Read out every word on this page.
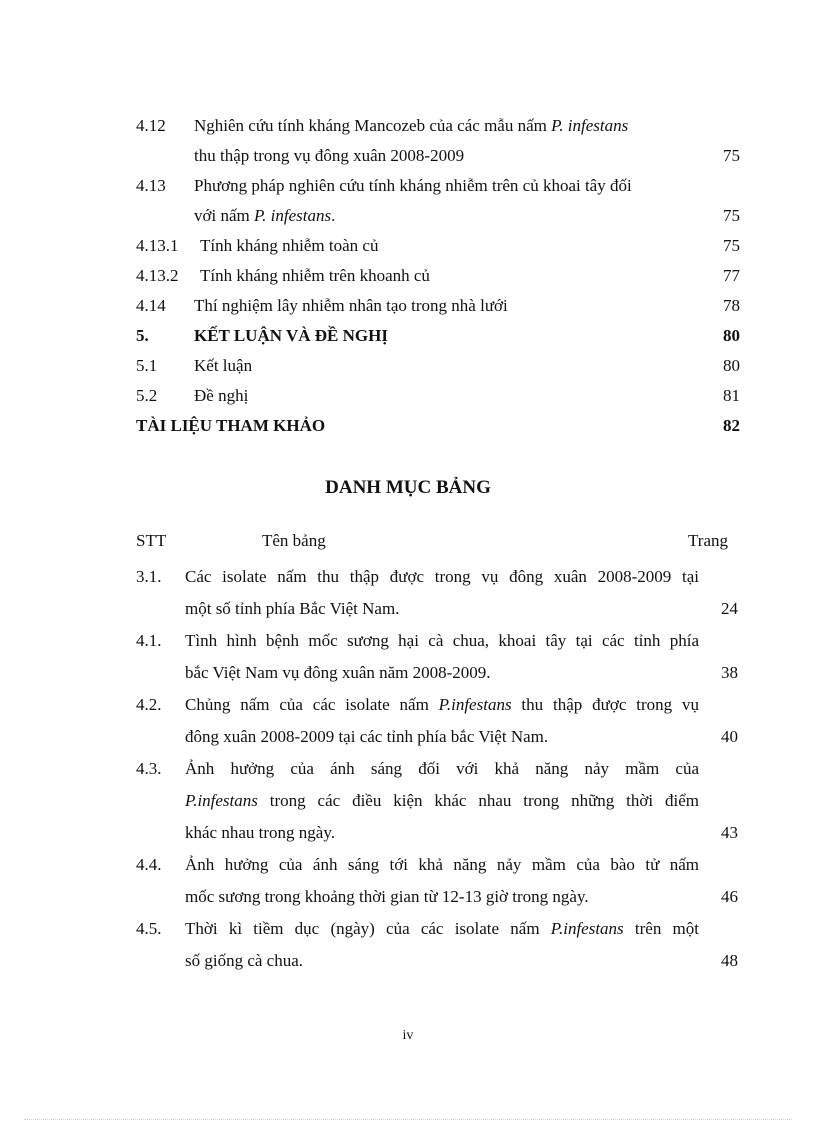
4.12 Nghiên cứu tính kháng Mancozeb của các mẫu nấm P. infestans
thu thập trong vụ đông xuân 2008-2009	75
4.13 Phương pháp nghiên cứu tính kháng nhiễm trên củ khoai tây đối
với nấm P. infestans.	75
4.13.1 Tính kháng nhiễm toàn củ	75
4.13.2 Tính kháng nhiễm trên khoanh củ	77
4.14 Thí nghiệm lây nhiễm nhân tạo trong nhà lưới	78
5.	KẾT LUẬN VÀ ĐỀ NGHỊ	80
5.1 Kết luận	80
5.2 Đề nghị	81
TÀI LIỆU THAM KHẢO	82
DANH MỤC BẢNG
STT	Tên bảng	Trang
3.1. Các isolate nấm thu thập được trong vụ đông xuân 2008-2009 tại
một số tỉnh phía Bắc Việt Nam.	24
4.1. Tình hình bệnh mốc sương hại cà chua, khoai tây tại các tỉnh phía
bắc Việt Nam vụ đông xuân năm 2008-2009.	38
4.2. Chủng nấm của các isolate nấm P.infestans thu thập được trong vụ
đông xuân 2008-2009 tại các tỉnh phía bắc Việt Nam.	40
4.3. Ảnh hưởng của ánh sáng đối với khả năng nảy mầm của
P.infestans trong các điều kiện khác nhau trong những thời điểm
khác nhau trong ngày.	43
4.4. Ảnh hưởng của ánh sáng tới khả năng nảy mầm của bào tử nấm
mốc sương trong khoảng thời gian từ 12-13 giờ trong ngày.	46
4.5. Thời kì tiềm dục (ngày) của các isolate nấm P.infestans trên một
số giống cà chua.	48
iv
